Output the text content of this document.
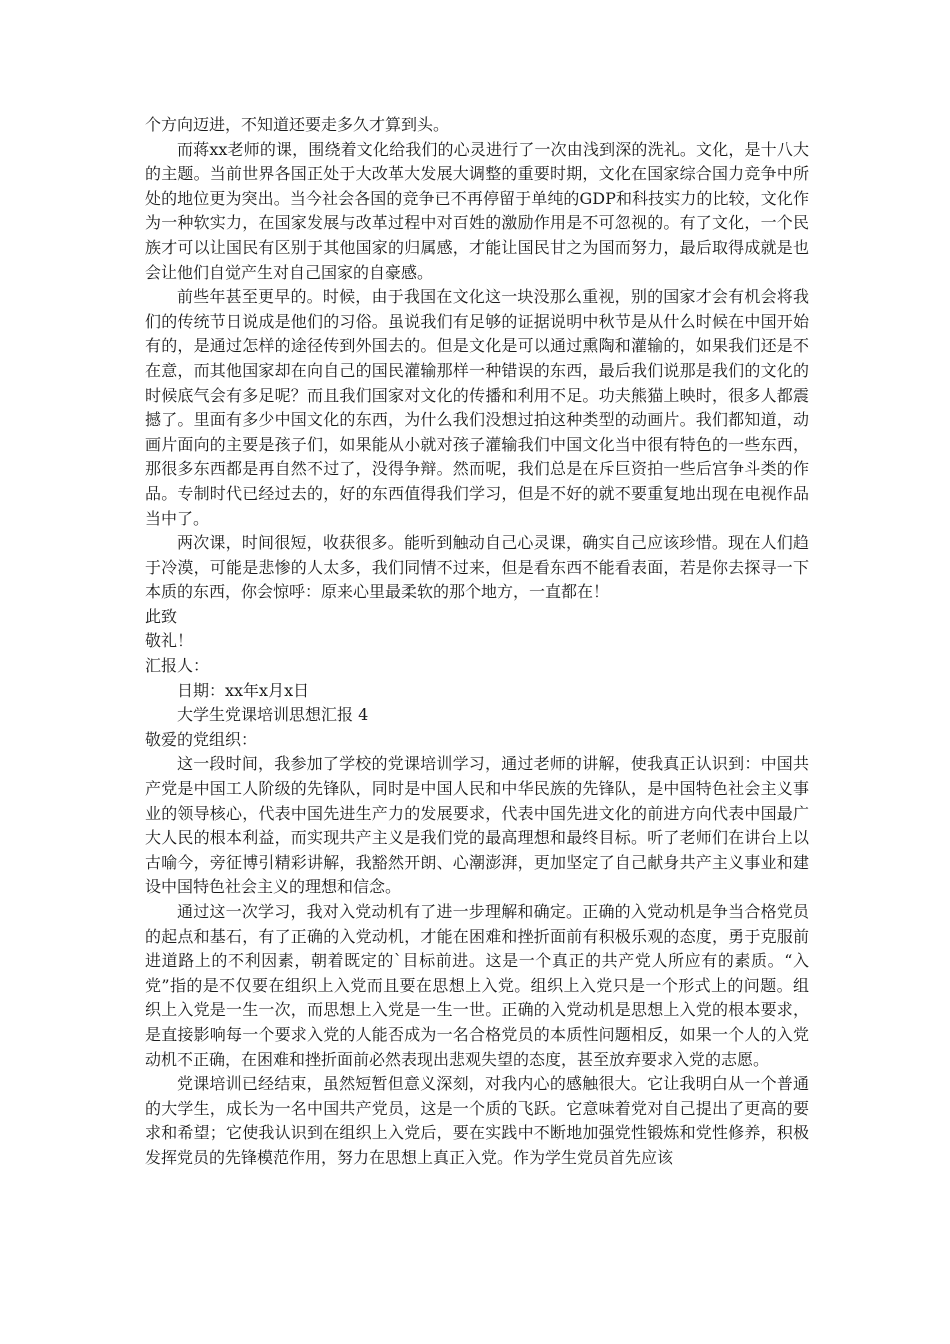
个方向迈进，不知道还要走多久才算到头。

而蒋xx老师的课，围绕着文化给我们的心灵进行了一次由浅到深的洗礼。文化，是十八大的主题。当前世界各国正处于大改革大发展大调整的重要时期，文化在国家综合国力竞争中所处的地位更为突出。当今社会各国的竞争已不再停留于单纯的GDP和科技实力的比较，文化作为一种软实力，在国家发展与改革过程中对百姓的激励作用是不可忽视的。有了文化，一个民族才可以让国民有区别于其他国家的归属感，才能让国民甘之为国而努力，最后取得成就是也会让他们自觉产生对自己国家的自豪感。

前些年甚至更早的。时候，由于我国在文化这一块没那么重视，别的国家才会有机会将我们的传统节日说成是他们的习俗。虽说我们有足够的证据说明中秋节是从什么时候在中国开始有的，是通过怎样的途径传到外国去的。但是文化是可以通过熏陶和灌输的，如果我们还是不在意，而其他国家却在向自己的国民灌输那样一种错误的东西，最后我们说那是我们的文化的时候底气会有多足呢？而且我们国家对文化的传播和利用不足。功夫熊猫上映时，很多人都震撼了。里面有多少中国文化的东西，为什么我们没想过拍这种类型的动画片。我们都知道，动画片面向的主要是孩子们，如果能从小就对孩子灌输我们中国文化当中很有特色的一些东西，那很多东西都是再自然不过了，没得争辩。然而呢，我们总是在斥巨资拍一些后宫争斗类的作品。专制时代已经过去的，好的东西值得我们学习，但是不好的就不要重复地出现在电视作品当中了。

两次课，时间很短，收获很多。能听到触动自己心灵课，确实自己应该珍惜。现在人们趋于冷漠，可能是悲惨的人太多，我们同情不过来，但是看东西不能看表面，若是你去探寻一下本质的东西，你会惊呼：原来心里最柔软的那个地方，一直都在！

此致

敬礼！

汇报人：

日期：xx年x月x日

大学生党课培训思想汇报 4

敬爱的党组织：

这一段时间，我参加了学校的党课培训学习，通过老师的讲解，使我真正认识到：中国共产党是中国工人阶级的先锋队，同时是中国人民和中华民族的先锋队，是中国特色社会主义事业的领导核心，代表中国先进生产力的发展要求，代表中国先进文化的前进方向代表中国最广大人民的根本利益，而实现共产主义是我们党的最高理想和最终目标。听了老师们在讲台上以古喻今，旁征博引精彩讲解，我豁然开朗、心潮澎湃，更加坚定了自己献身共产主义事业和建设中国特色社会主义的理想和信念。

通过这一次学习，我对入党动机有了进一步理解和确定。正确的入党动机是争当合格党员的起点和基石，有了正确的入党动机，才能在困难和挫折面前有积极乐观的态度，勇于克服前进道路上的不利因素，朝着既定的`目标前进。这是一个真正的共产党人所应有的素质。“入党”指的是不仅要在组织上入党而且要在思想上入党。组织上入党只是一个形式上的问题。组织上入党是一生一次，而思想上入党是一生一世。正确的入党动机是思想上入党的根本要求，是直接影响每一个要求入党的人能否成为一名合格党员的本质性问题相反，如果一个人的入党动机不正确，在困难和挫折面前必然表现出悲观失望的态度，甚至放弃要求入党的志愿。

党课培训已经结束，虽然短暂但意义深刻，对我内心的感触很大。它让我明白从一个普通的大学生，成长为一名中国共产党员，这是一个质的飞跃。它意味着党对自己提出了更高的要求和希望；它使我认识到在组织上入党后，要在实践中不断地加强党性锻炼和党性修养，积极发挥党员的先锋模范作用，努力在思想上真正入党。作为学生党员首先应该
